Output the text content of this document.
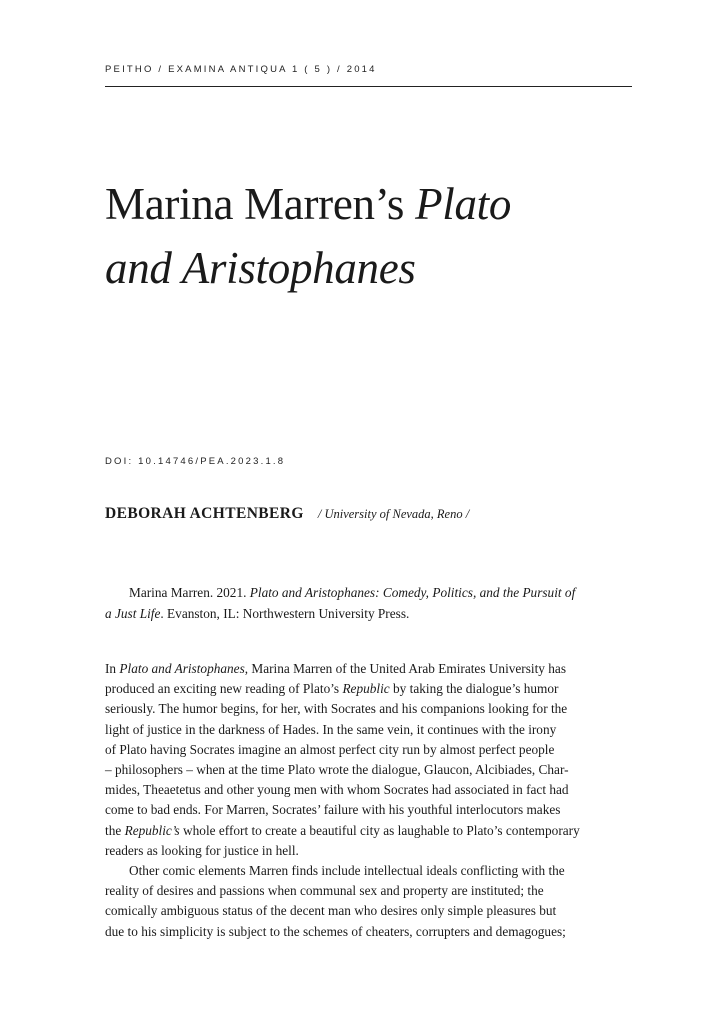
PEITHO / EXAMINA ANTIQUA 1 ( 5 ) / 2014
Marina Marren’s Plato
and Aristophanes
DOI: 10.14746/PEA.2023.1.8
DEBORAH ACHTENBERG / University of Nevada, Reno /

Marina Marren. 2021. Plato and Aristophanes: Comedy, Politics, and the Pursuit of
a Just Life. Evanston, IL: Northwestern University Press.

In Plato and Aristophanes, Marina Marren of the United Arab Emirates University has
produced an exciting new reading of Plato’s Republic by taking the dialogue’s humor
seriously. The humor begins, for her, with Socrates and his companions looking for the
light of justice in the darkness of Hades. In the same vein, it continues with the irony
of Plato having Socrates imagine an almost perfect city run by almost perfect people
– philosophers – when at the time Plato wrote the dialogue, Glaucon, Alcibiades, Char-
mides, Theaetetus and other young men with whom Socrates had associated in fact had
come to bad ends. For Marren, Socrates’ failure with his youthful interlocutors makes
the Republic’s whole effort to create a beautiful city as laughable to Plato’s contemporary
readers as looking for justice in hell.
Other comic elements Marren finds include intellectual ideals conflicting with the
reality of desires and passions when communal sex and property are instituted; the
comically ambiguous status of the decent man who desires only simple pleasures but
due to his simplicity is subject to the schemes of cheaters, corrupters and demagogues;
